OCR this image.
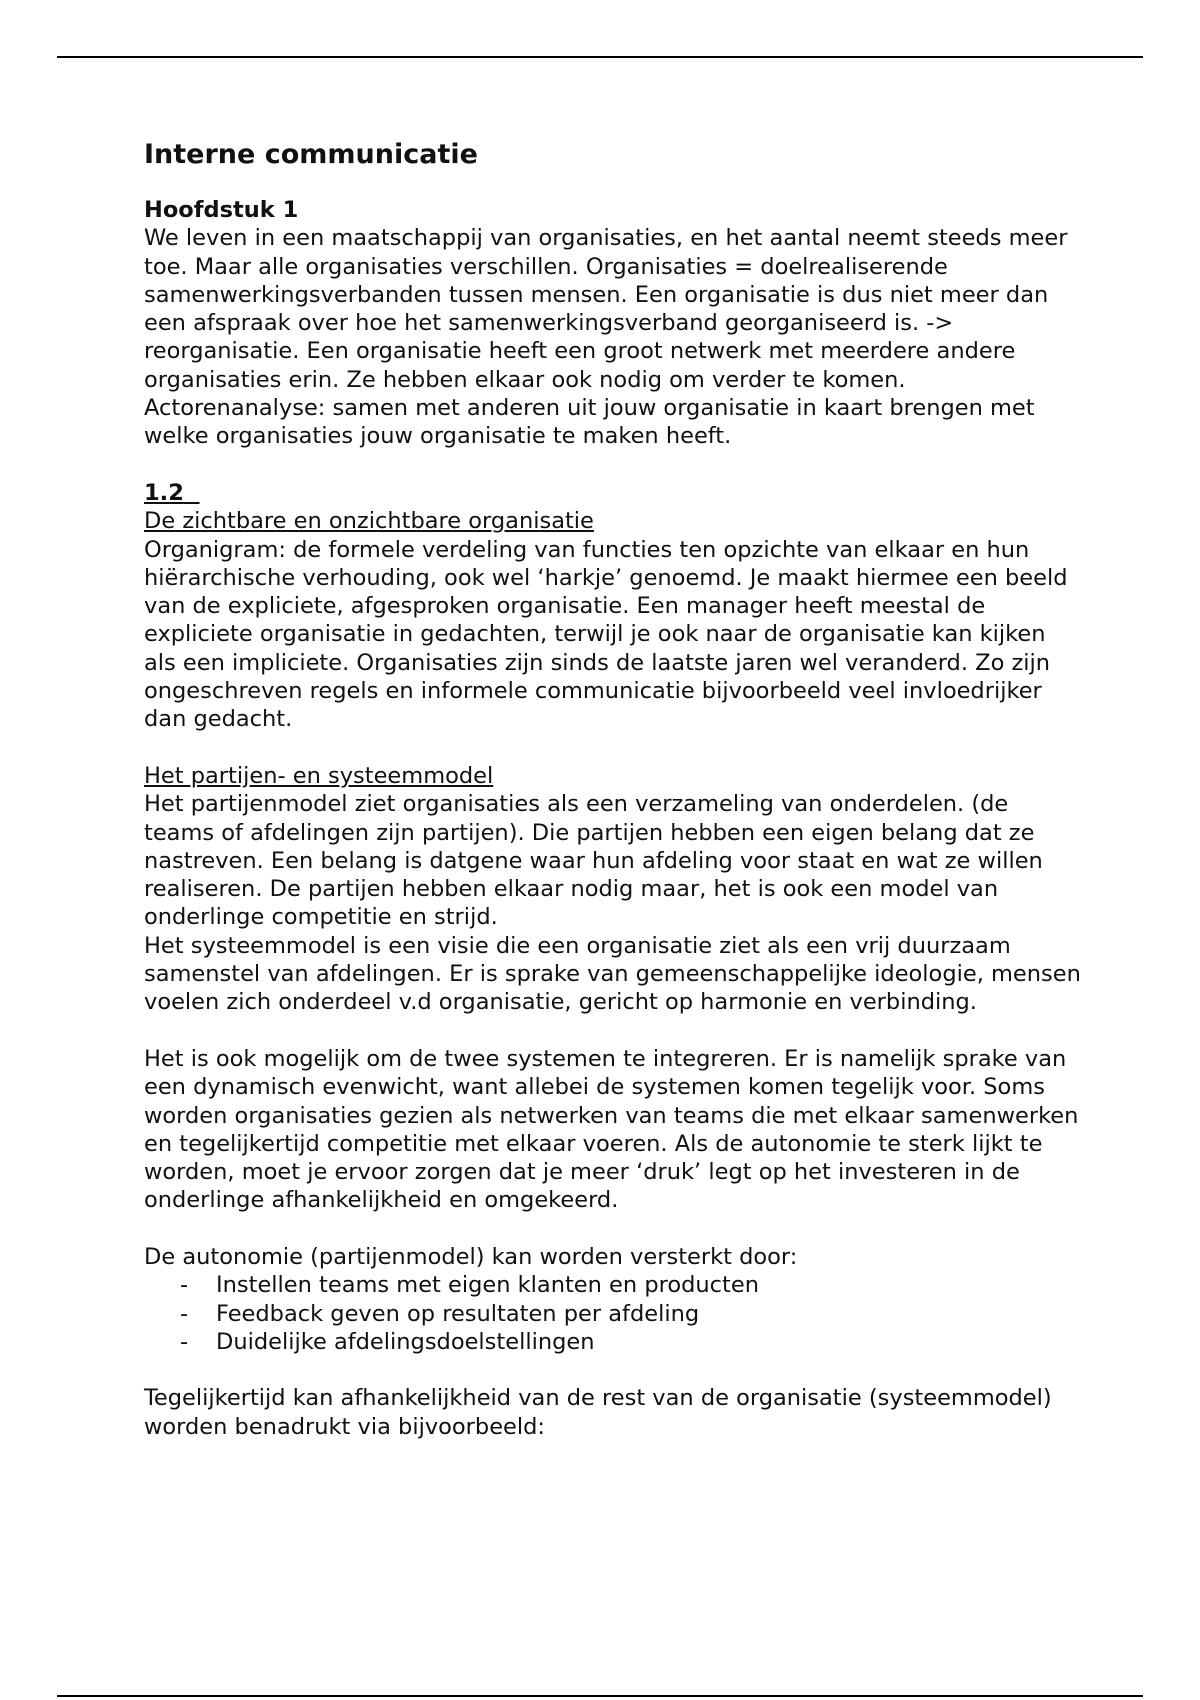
Interne communicatie

Hoofdstuk 1

We leven in een maatschappij van organisaties, en het aantal neemt steeds meer toe. Maar alle organisaties verschillen. Organisaties = doelrealiserende samenwerkingsverbanden tussen mensen. Een organisatie is dus niet meer dan een afspraak over hoe het samenwerkingsverband georganiseerd is. -> reorganisatie. Een organisatie heeft een groot netwerk met meerdere andere organisaties erin. Ze hebben elkaar ook nodig om verder te komen.

Actorenanalyse: samen met anderen uit jouw organisatie in kaart brengen met welke organisaties jouw organisatie te maken heeft.

1.2

De zichtbare en onzichtbare organisatie

Organigram: de formele verdeling van functies ten opzichte van elkaar en hun hiërarchische verhouding, ook wel ‘harkje’ genoemd. Je maakt hiermee een beeld van de expliciete, afgesproken organisatie. Een manager heeft meestal de expliciete organisatie in gedachten, terwijl je ook naar de organisatie kan kijken als een impliciete. Organisaties zijn sinds de laatste jaren wel veranderd. Zo zijn ongeschreven regels en informele communicatie bijvoorbeeld veel invloedrijker dan gedacht.

Het partijen- en systeemmodel

Het partijenmodel ziet organisaties als een verzameling van onderdelen. (de teams of afdelingen zijn partijen). Die partijen hebben een eigen belang dat ze nastreven. Een belang is datgene waar hun afdeling voor staat en wat ze willen realiseren. De partijen hebben elkaar nodig maar, het is ook een model van onderlinge competitie en strijd.

Het systeemmodel is een visie die een organisatie ziet als een vrij duurzaam samenstel van afdelingen. Er is sprake van gemeenschappelijke ideologie, mensen voelen zich onderdeel v.d organisatie, gericht op harmonie en verbinding.

Het is ook mogelijk om de twee systemen te integreren. Er is namelijk sprake van een dynamisch evenwicht, want allebei de systemen komen tegelijk voor. Soms worden organisaties gezien als netwerken van teams die met elkaar samenwerken en tegelijkertijd competitie met elkaar voeren. Als de autonomie te sterk lijkt te worden, moet je ervoor zorgen dat je meer ‘druk’ legt op het investeren in de onderlinge afhankelijkheid en omgekeerd.

De autonomie (partijenmodel) kan worden versterkt door:

- Instellen teams met eigen klanten en producten
- Feedback geven op resultaten per afdeling
- Duidelijke afdelingsdoelstellingen

Tegelijkertijd kan afhankelijkheid van de rest van de organisatie (systeemmodel) worden benadrukt via bijvoorbeeld:
